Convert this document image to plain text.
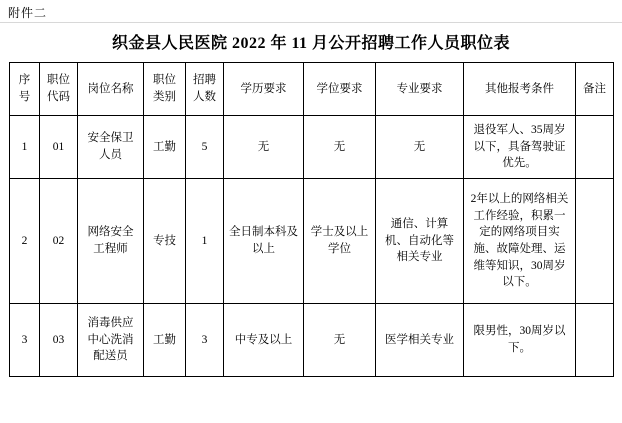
附件二
织金县人民医院 2022 年 11 月公开招聘工作人员职位表
序号	职位代码	岗位名称	职位类别	招聘人数	学历要求	学位要求	专业要求	其他报考条件	备注
1	01	安全保卫人员	工勤	5	无	无	无	退役军人、35周岁以下，具备驾驶证优先。	
2	02	网络安全工程师	专技	1	全日制本科及以上	学士及以上学位	通信、计算机、自动化等相关专业	2年以上的网络相关工作经验，积累一定的网络项目实施、故障处理、运维等知识，30周岁以下。	
3	03	消毒供应中心洗消配送员	工勤	3	中专及以上	无	医学相关专业	限男性，30周岁以下。	
